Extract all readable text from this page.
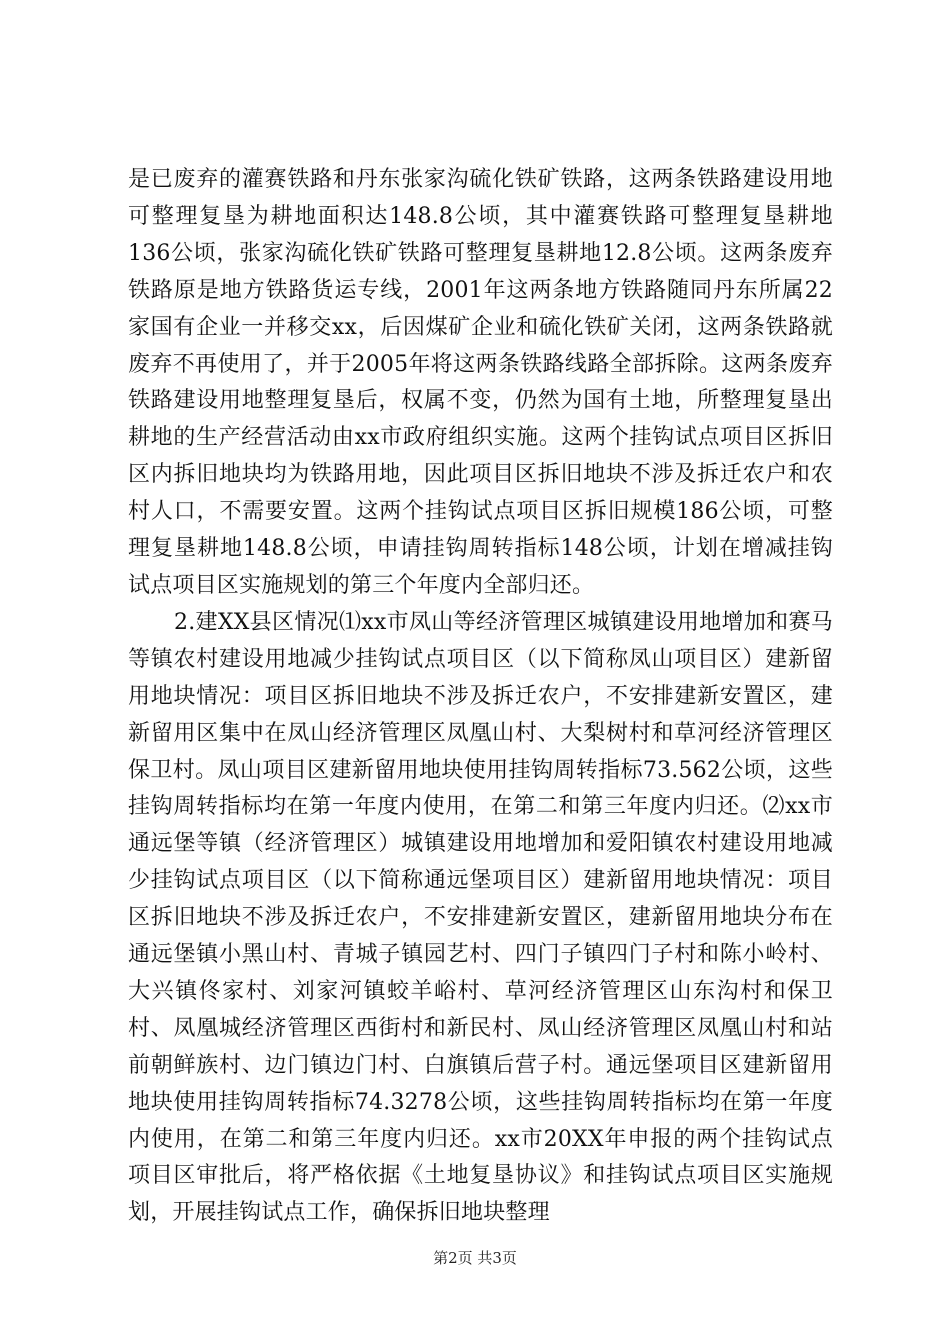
是已废弃的灌赛铁路和丹东张家沟硫化铁矿铁路，这两条铁路建设用地可整理复垦为耕地面积达148.8公顷，其中灌赛铁路可整理复垦耕地136公顷，张家沟硫化铁矿铁路可整理复垦耕地12.8公顷。这两条废弃铁路原是地方铁路货运专线，2001年这两条地方铁路随同丹东所属22家国有企业一并移交xx，后因煤矿企业和硫化铁矿关闭，这两条铁路就废弃不再使用了，并于2005年将这两条铁路线路全部拆除。这两条废弃铁路建设用地整理复垦后，权属不变，仍然为国有土地，所整理复垦出耕地的生产经营活动由xx市政府组织实施。这两个挂钩试点项目区拆旧区内拆旧地块均为铁路用地，因此项目区拆旧地块不涉及拆迁农户和农村人口，不需要安置。这两个挂钩试点项目区拆旧规模186公顷，可整理复垦耕地148.8公顷，申请挂钩周转指标148公顷，计划在增减挂钩试点项目区实施规划的第三个年度内全部归还。

2.建XX县区情况⑴xx市凤山等经济管理区城镇建设用地增加和赛马等镇农村建设用地减少挂钩试点项目区（以下简称凤山项目区）建新留用地块情况：项目区拆旧地块不涉及拆迁农户，不安排建新安置区，建新留用区集中在凤山经济管理区凤凰山村、大梨树村和草河经济管理区保卫村。凤山项目区建新留用地块使用挂钩周转指标73.562公顷，这些挂钩周转指标均在第一年度内使用，在第二和第三年度内归还。⑵xx市通远堡等镇（经济管理区）城镇建设用地增加和爱阳镇农村建设用地减少挂钩试点项目区（以下简称通远堡项目区）建新留用地块情况：项目区拆旧地块不涉及拆迁农户，不安排建新安置区，建新留用地块分布在通远堡镇小黑山村、青城子镇园艺村、四门子镇四门子村和陈小岭村、大兴镇佟家村、刘家河镇蛟羊峪村、草河经济管理区山东沟村和保卫村、凤凰城经济管理区西街村和新民村、凤山经济管理区凤凰山村和站前朝鲜族村、边门镇边门村、白旗镇后营子村。通远堡项目区建新留用地块使用挂钩周转指标74.3278公顷，这些挂钩周转指标均在第一年度内使用，在第二和第三年度内归还。xx市20XX年申报的两个挂钩试点项目区审批后，将严格依据《土地复垦协议》和挂钩试点项目区实施规划，开展挂钩试点工作，确保拆旧地块整理

第2页 共3页
